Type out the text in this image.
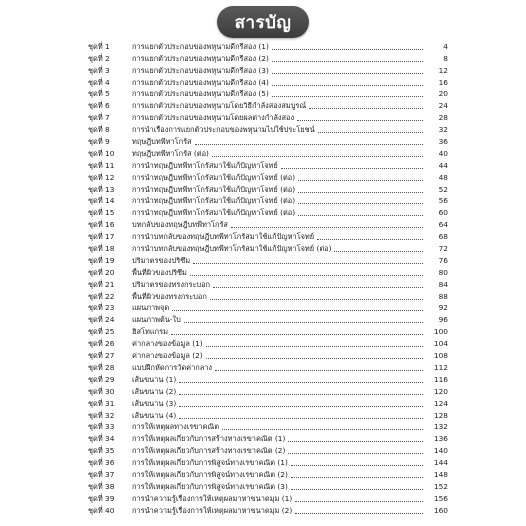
สารบัญ
ชุดที่ 1	การแยกตัวประกอบของพหุนามดีกรีสอง (1)	4
ชุดที่ 2	การแยกตัวประกอบของพหุนามดีกรีสอง (2)	8
ชุดที่ 3	การแยกตัวประกอบของพหุนามดีกรีสอง (3)	12
ชุดที่ 4	การแยกตัวประกอบของพหุนามดีกรีสอง (4)	16
ชุดที่ 5	การแยกตัวประกอบของพหุนามดีกรีสอง (5)	20
ชุดที่ 6	การแยกตัวประกอบของพหุนามโดยวิธีกำลังสองสมบูรณ์	24
ชุดที่ 7	การแยกตัวประกอบของพหุนามโดยผลต่างกำลังสอง	28
ชุดที่ 8	การนำเรื่องการแยกตัวประกอบของพหุนามไปใช้ประโยชน์	32
ชุดที่ 9	ทฤษฎีบทพีทาโกรัส	36
ชุดที่ 10	ทฤษฎีบทพีทาโกรัส (ต่อ)	40
ชุดที่ 11	การนำทฤษฎีบทพีทาโกรัสมาใช้แก้ปัญหาโจทย์	44
ชุดที่ 12	การนำทฤษฎีบทพีทาโกรัสมาใช้แก้ปัญหาโจทย์ (ต่อ)	48
ชุดที่ 13	การนำทฤษฎีบทพีทาโกรัสมาใช้แก้ปัญหาโจทย์ (ต่อ)	52
ชุดที่ 14	การนำทฤษฎีบทพีทาโกรัสมาใช้แก้ปัญหาโจทย์ (ต่อ)	56
ชุดที่ 15	การนำทฤษฎีบทพีทาโกรัสมาใช้แก้ปัญหาโจทย์ (ต่อ)	60
ชุดที่ 16	บทกลับของทฤษฎีบทพีทาโกรัส	64
ชุดที่ 17	การนำบทกลับของทฤษฎีบทพีทาโกรัสมาใช้แก้ปัญหาโจทย์	68
ชุดที่ 18	การนำบทกลับของทฤษฎีบทพีทาโกรัสมาใช้แก้ปัญหาโจทย์ (ต่อ)	72
ชุดที่ 19	ปริมาตรของปริซึม	76
ชุดที่ 20	พื้นที่ผิวของปริซึม	80
ชุดที่ 21	ปริมาตรของทรงกระบอก	84
ชุดที่ 22	พื้นที่ผิวของทรงกระบอก	88
ชุดที่ 23	แผนภาพจุด	92
ชุดที่ 24	แผนภาพต้น-ใบ	96
ชุดที่ 25	ฮิสโทแกรม	100
ชุดที่ 26	ค่ากลางของข้อมูล (1)	104
ชุดที่ 27	ค่ากลางของข้อมูล (2)	108
ชุดที่ 28	แบบฝึกหัดการวัดค่ากลาง	112
ชุดที่ 29	เส้นขนาน (1)	116
ชุดที่ 30	เส้นขนาน (2)	120
ชุดที่ 31	เส้นขนาน (3)	124
ชุดที่ 32	เส้นขนาน (4)	128
ชุดที่ 33	การให้เหตุผลทางเรขาคณิต	132
ชุดที่ 34	การให้เหตุผลเกี่ยวกับการสร้างทางเรขาคณิต (1)	136
ชุดที่ 35	การให้เหตุผลเกี่ยวกับการสร้างทางเรขาคณิต (2)	140
ชุดที่ 36	การให้เหตุผลเกี่ยวกับการพิสูจน์ทางเรขาคณิต (1)	144
ชุดที่ 37	การให้เหตุผลเกี่ยวกับการพิสูจน์ทางเรขาคณิต (2)	148
ชุดที่ 38	การให้เหตุผลเกี่ยวกับการพิสูจน์ทางเรขาคณิต (3)	152
ชุดที่ 39	การนำความรู้เรื่องการให้เหตุผลมาหาขนาดมุม (1)	156
ชุดที่ 40	การนำความรู้เรื่องการให้เหตุผลมาหาขนาดมุม (2)	160
